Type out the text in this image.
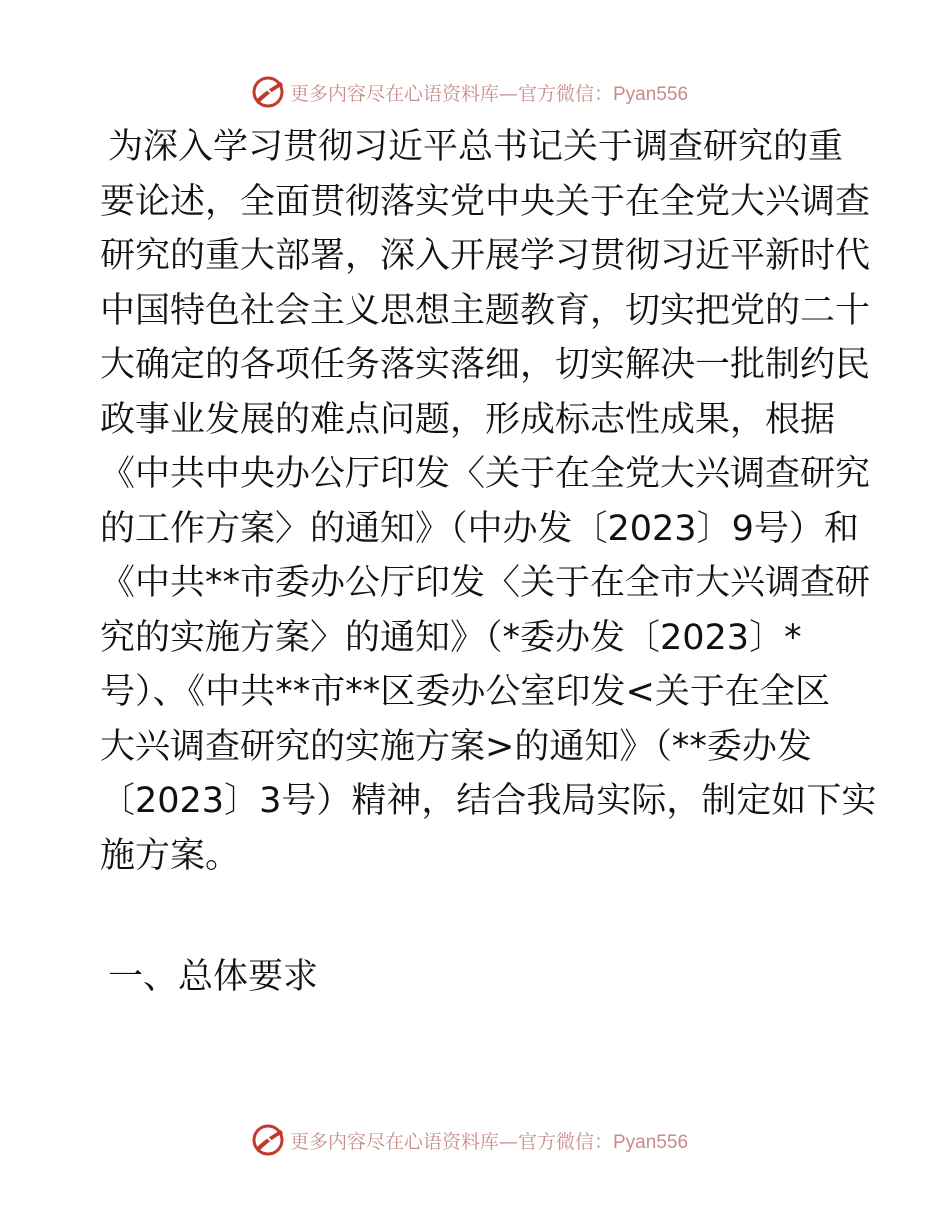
更多内容尽在心语资料库—官方微信：Pyan556
为深入学习贯彻习近平总书记关于调查研究的重
要论述，全面贯彻落实党中央关于在全党大兴调查
研究的重大部署，深入开展学习贯彻习近平新时代
中国特色社会主义思想主题教育，切实把党的二十
大确定的各项任务落实落细，切实解决一批制约民
政事业发展的难点问题，形成标志性成果，根据
《中共中央办公厅印发〈关于在全党大兴调查研究
的工作方案〉的通知》（中办发〔2023〕9号）和
《中共**市委办公厅印发〈关于在全市大兴调查研
究的实施方案〉的通知》（*委办发〔2023〕*
号）、《中共**市**区委办公室印发<关于在全区
大兴调查研究的实施方案>的通知》（**委办发
〔2023〕3号）精神，结合我局实际，制定如下实
施方案。
一、总体要求
更多内容尽在心语资料库—官方微信：Pyan556
